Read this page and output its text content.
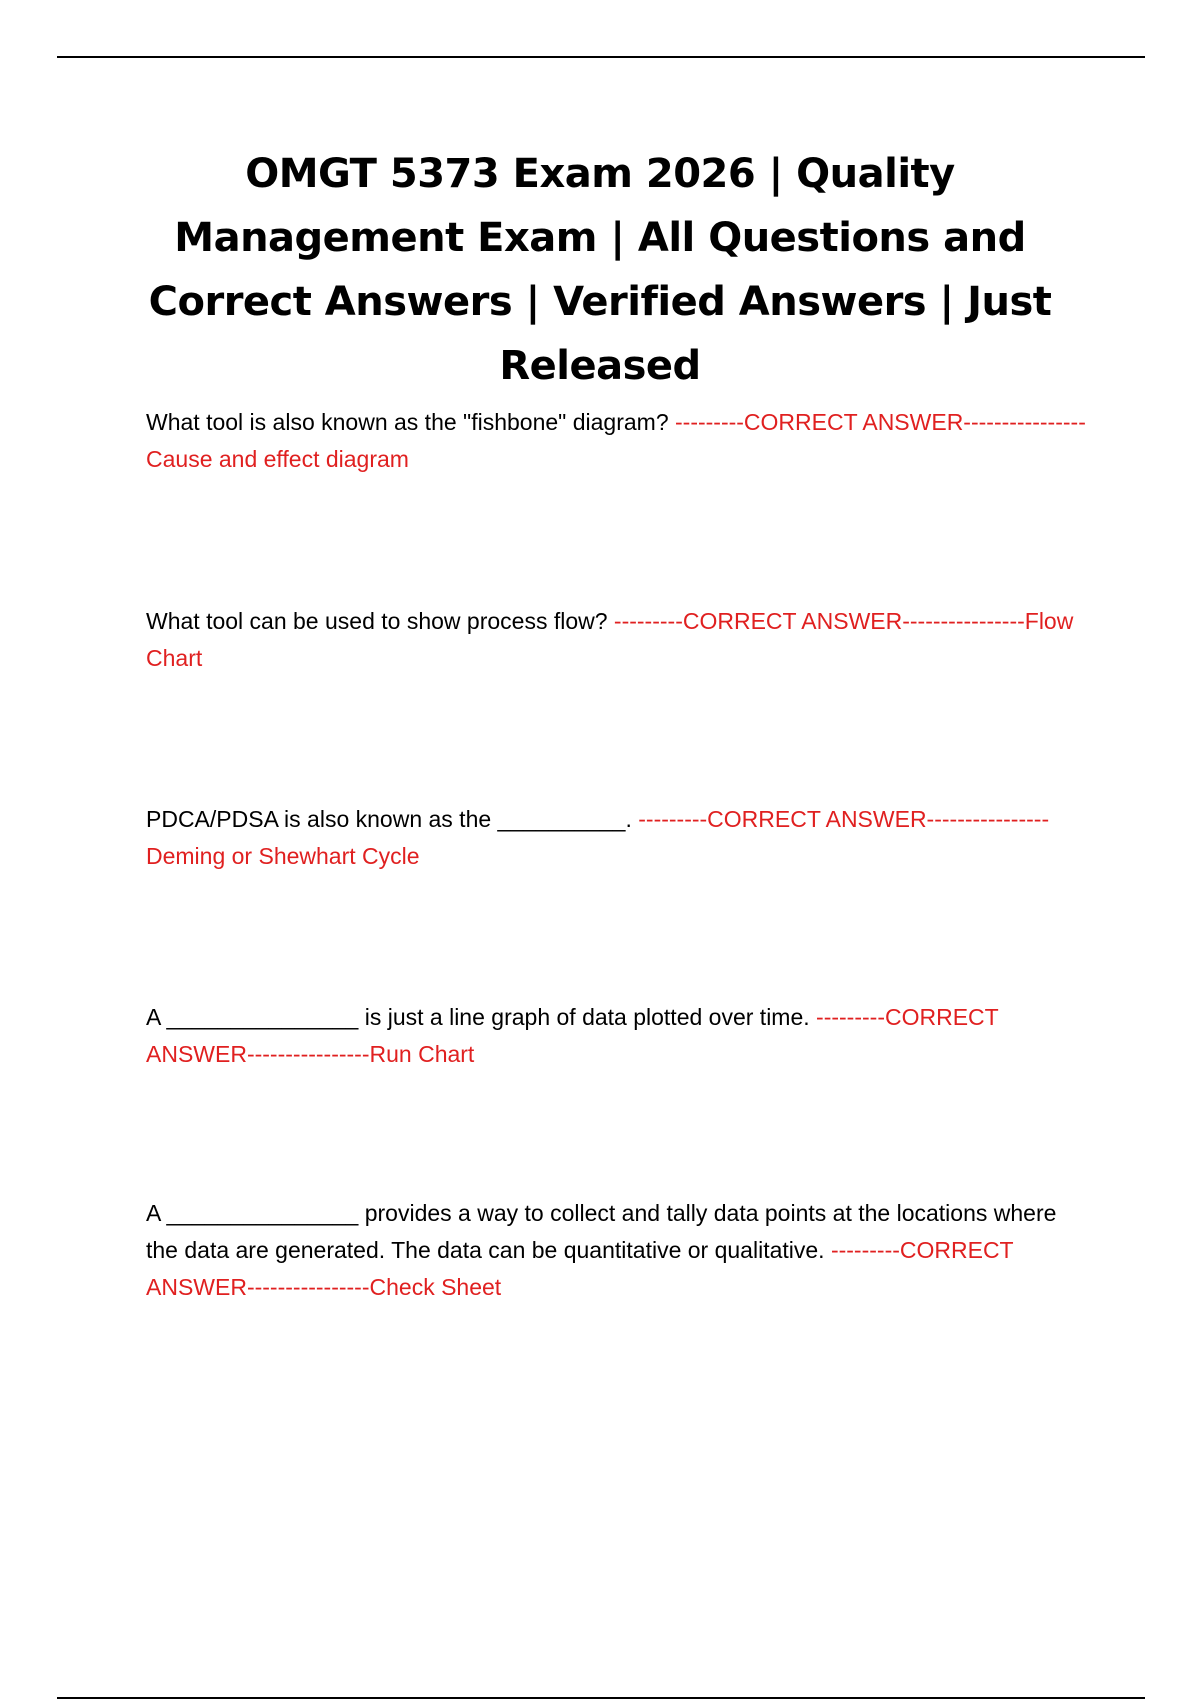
OMGT 5373 Exam 2026 | Quality Management Exam | All Questions and Correct Answers | Verified Answers | Just Released

What tool is also known as the "fishbone" diagram? ---------CORRECT ANSWER----------------Cause and effect diagram

What tool can be used to show process flow? ---------CORRECT ANSWER----------------Flow Chart

PDCA/PDSA is also known as the __________. ---------CORRECT ANSWER----------------Deming or Shewhart Cycle

A _______________ is just a line graph of data plotted over time. ---------CORRECT ANSWER----------------Run Chart

A _______________ provides a way to collect and tally data points at the locations where the data are generated. The data can be quantitative or qualitative. ---------CORRECT ANSWER----------------Check Sheet
